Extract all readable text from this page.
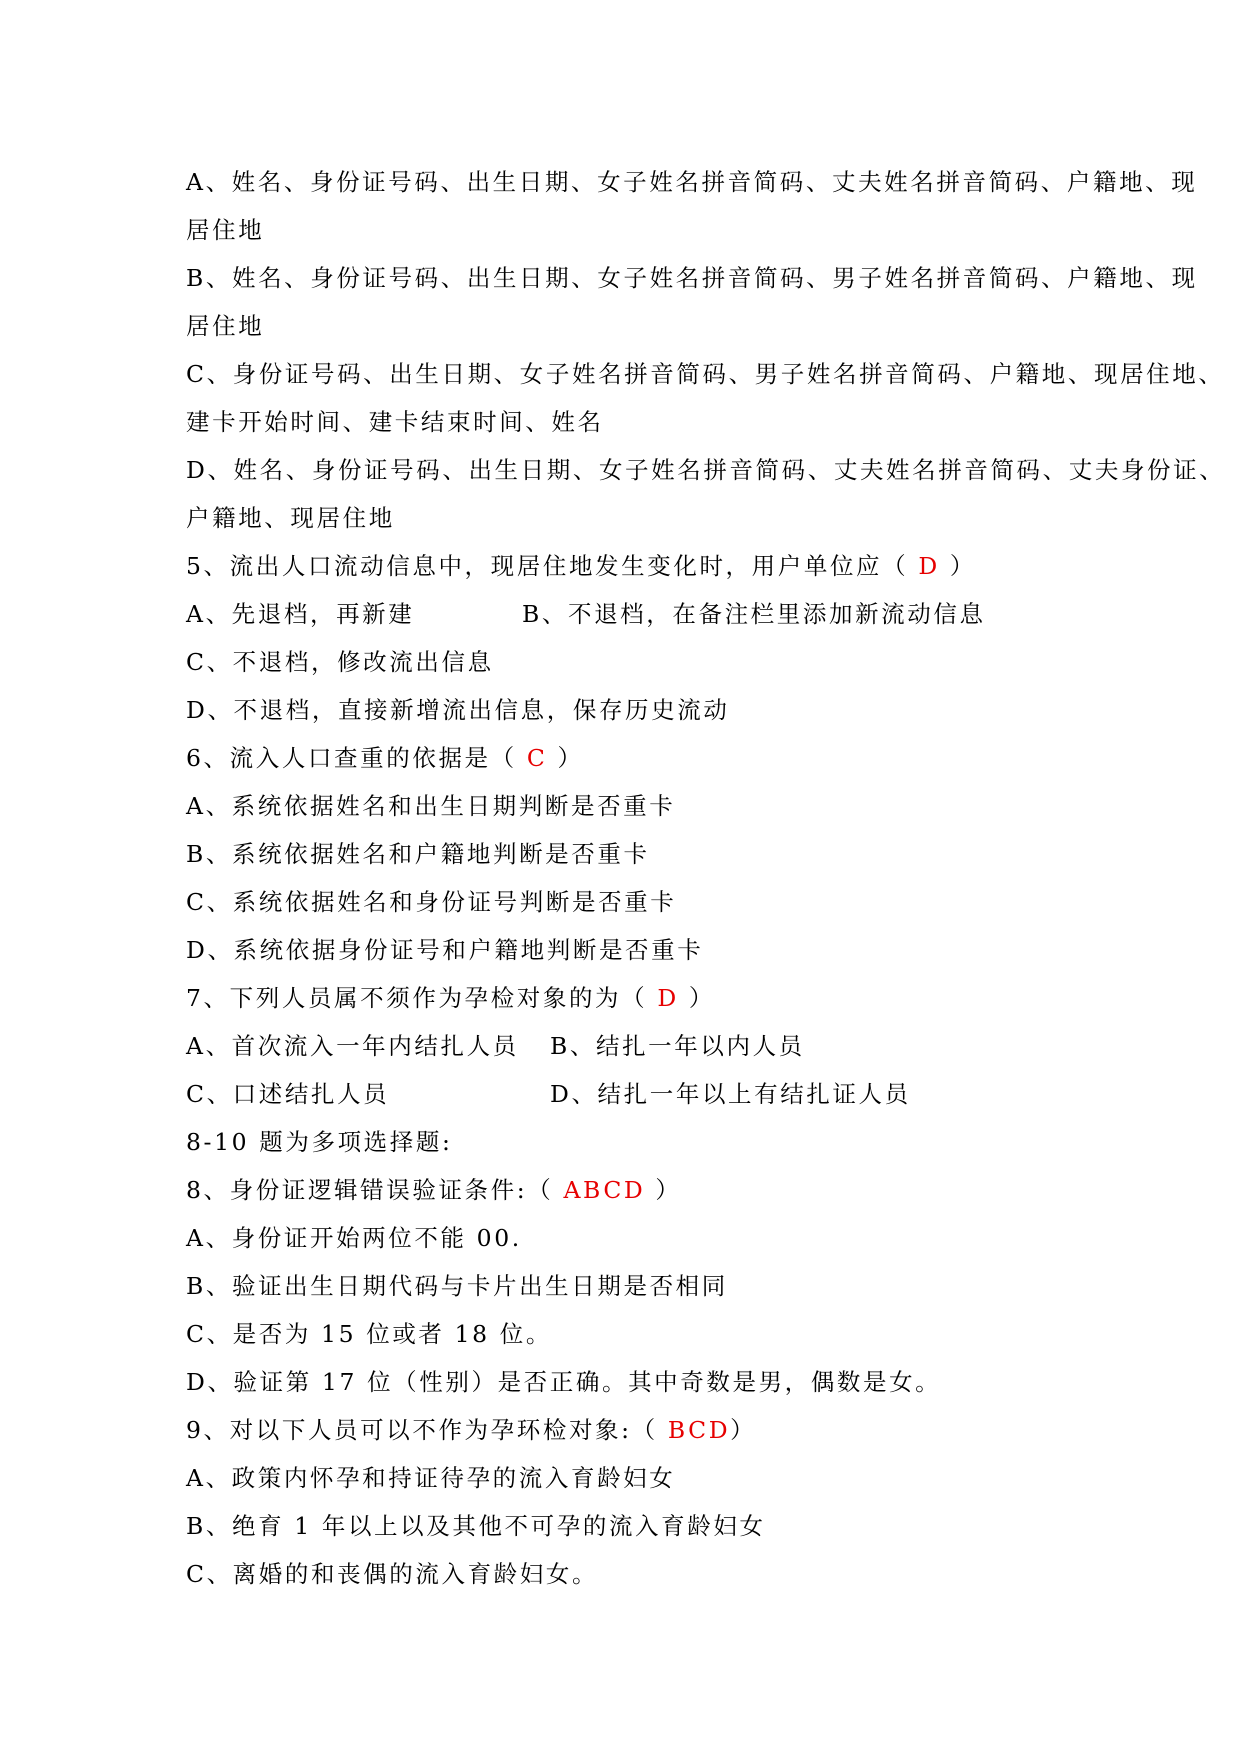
A、姓名、身份证号码、出生日期、女子姓名拼音简码、丈夫姓名拼音简码、户籍地、现
居住地
B、姓名、身份证号码、出生日期、女子姓名拼音简码、男子姓名拼音简码、户籍地、现
居住地
C、身份证号码、出生日期、女子姓名拼音简码、男子姓名拼音简码、户籍地、现居住地、
建卡开始时间、建卡结束时间、姓名
D、姓名、身份证号码、出生日期、女子姓名拼音简码、丈夫姓名拼音简码、丈夫身份证、
户籍地、现居住地
5、流出人口流动信息中，现居住地发生变化时，用户单位应（ D ）
A、先退档，再新建	B、不退档，在备注栏里添加新流动信息
C、不退档，修改流出信息
D、不退档，直接新增流出信息，保存历史流动
6、流入人口查重的依据是（ C ）
A、系统依据姓名和出生日期判断是否重卡
B、系统依据姓名和户籍地判断是否重卡
C、系统依据姓名和身份证号判断是否重卡
D、系统依据身份证号和户籍地判断是否重卡
7、下列人员属不须作为孕检对象的为（ D ）
A、首次流入一年内结扎人员 B、结扎一年以内人员
C、口述结扎人员	D、结扎一年以上有结扎证人员
8-10 题为多项选择题:
8、身份证逻辑错误验证条件:（ ABCD ）
A、身份证开始两位不能 00.
B、验证出生日期代码与卡片出生日期是否相同
C、是否为 15 位或者 18 位。
D、验证第 17 位（性别）是否正确。其中奇数是男，偶数是女。
9、对以下人员可以不作为孕环检对象:（ BCD）
A、政策内怀孕和持证待孕的流入育龄妇女
B、绝育 1 年以上以及其他不可孕的流入育龄妇女
C、离婚的和丧偶的流入育龄妇女。
